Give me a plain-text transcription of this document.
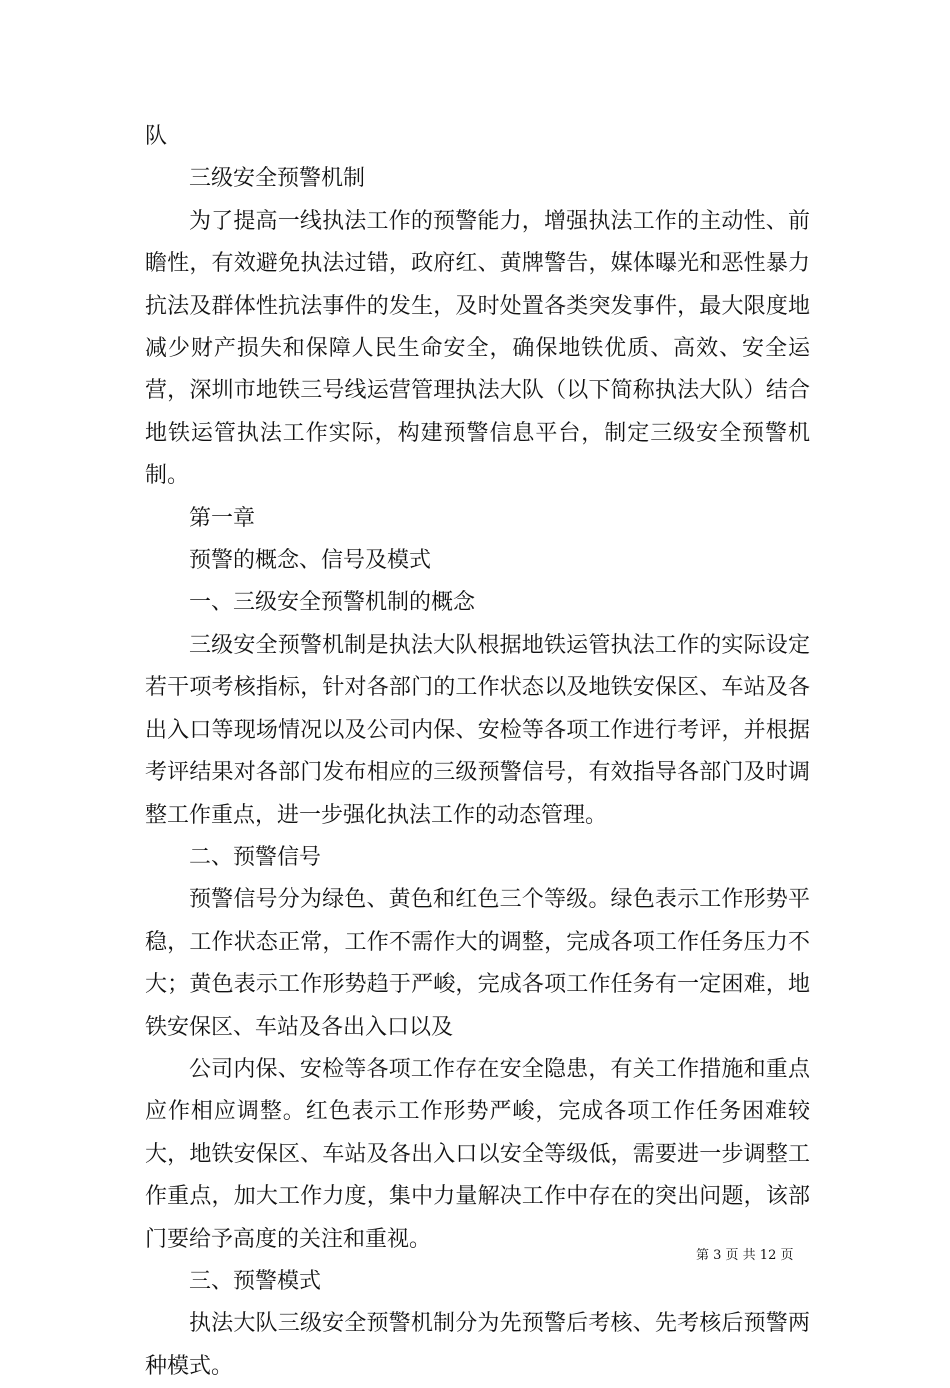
队

三级安全预警机制

为了提高一线执法工作的预警能力，增强执法工作的主动性、前瞻性，有效避免执法过错，政府红、黄牌警告，媒体曝光和恶性暴力抗法及群体性抗法事件的发生，及时处置各类突发事件，最大限度地减少财产损失和保障人民生命安全，确保地铁优质、高效、安全运营，深圳市地铁三号线运营管理执法大队（以下简称执法大队）结合地铁运管执法工作实际，构建预警信息平台，制定三级安全预警机制。

第一章

预警的概念、信号及模式

一、三级安全预警机制的概念

三级安全预警机制是执法大队根据地铁运管执法工作的实际设定若干项考核指标，针对各部门的工作状态以及地铁安保区、车站及各出入口等现场情况以及公司内保、安检等各项工作进行考评，并根据考评结果对各部门发布相应的三级预警信号，有效指导各部门及时调整工作重点，进一步强化执法工作的动态管理。

二、预警信号

预警信号分为绿色、黄色和红色三个等级。绿色表示工作形势平稳，工作状态正常，工作不需作大的调整，完成各项工作任务压力不大；黄色表示工作形势趋于严峻，完成各项工作任务有一定困难，地铁安保区、车站及各出入口以及

公司内保、安检等各项工作存在安全隐患，有关工作措施和重点应作相应调整。红色表示工作形势严峻，完成各项工作任务困难较大，地铁安保区、车站及各出入口以安全等级低，需要进一步调整工作重点，加大工作力度，集中力量解决工作中存在的突出问题，该部门要给予高度的关注和重视。

三、预警模式

执法大队三级安全预警机制分为先预警后考核、先考核后预警两种模式。

第 3 页 共 12 页
